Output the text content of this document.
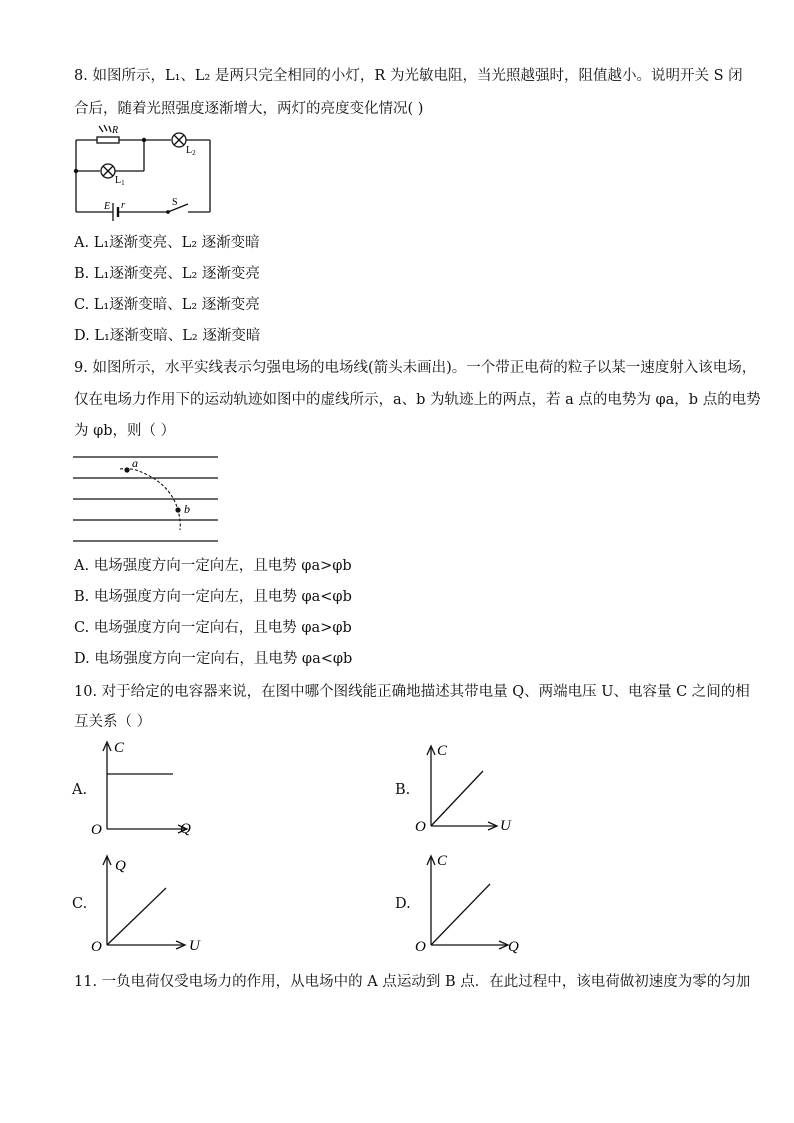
8. 如图所示，L₁、L₂ 是两只完全相同的小灯，R 为光敏电阻，当光照越强时，阻值越小。说明开关 S 闭
合后，随着光照强度逐渐增大，两灯的亮度变化情况( )
R
$L_2$
$L_1$
E r	S
A. L₁逐渐变亮、L₂ 逐渐变暗
B. L₁逐渐变亮、L₂ 逐渐变亮
C. L₁逐渐变暗、L₂ 逐渐变亮
D. L₁逐渐变暗、L₂ 逐渐变暗
9. 如图所示，水平实线表示匀强电场的电场线(箭头未画出)。一个带正电荷的粒子以某一速度射入该电场，
仅在电场力作用下的运动轨迹如图中的虚线所示，a、b 为轨迹上的两点，若 a 点的电势为 φa，b 点的电势
为 φb，则（ ）
a
b
A. 电场强度方向一定向左，且电势 φa>φb
B. 电场强度方向一定向左，且电势 φa<φb
C. 电场强度方向一定向右，且电势 φa>φb
D. 电场强度方向一定向右，且电势 φa<φb
10. 对于给定的电容器来说，在图中哪个图线能正确地描述其带电量 Q、两端电压 U、电容量 C 之间的相
互关系（ ）
A.
C
Q
O
B.
C
U
O
C.
Q
U
O
D.
C
Q
O
11. 一负电荷仅受电场力的作用，从电场中的 A 点运动到 B 点．在此过程中，该电荷做初速度为零的匀加
